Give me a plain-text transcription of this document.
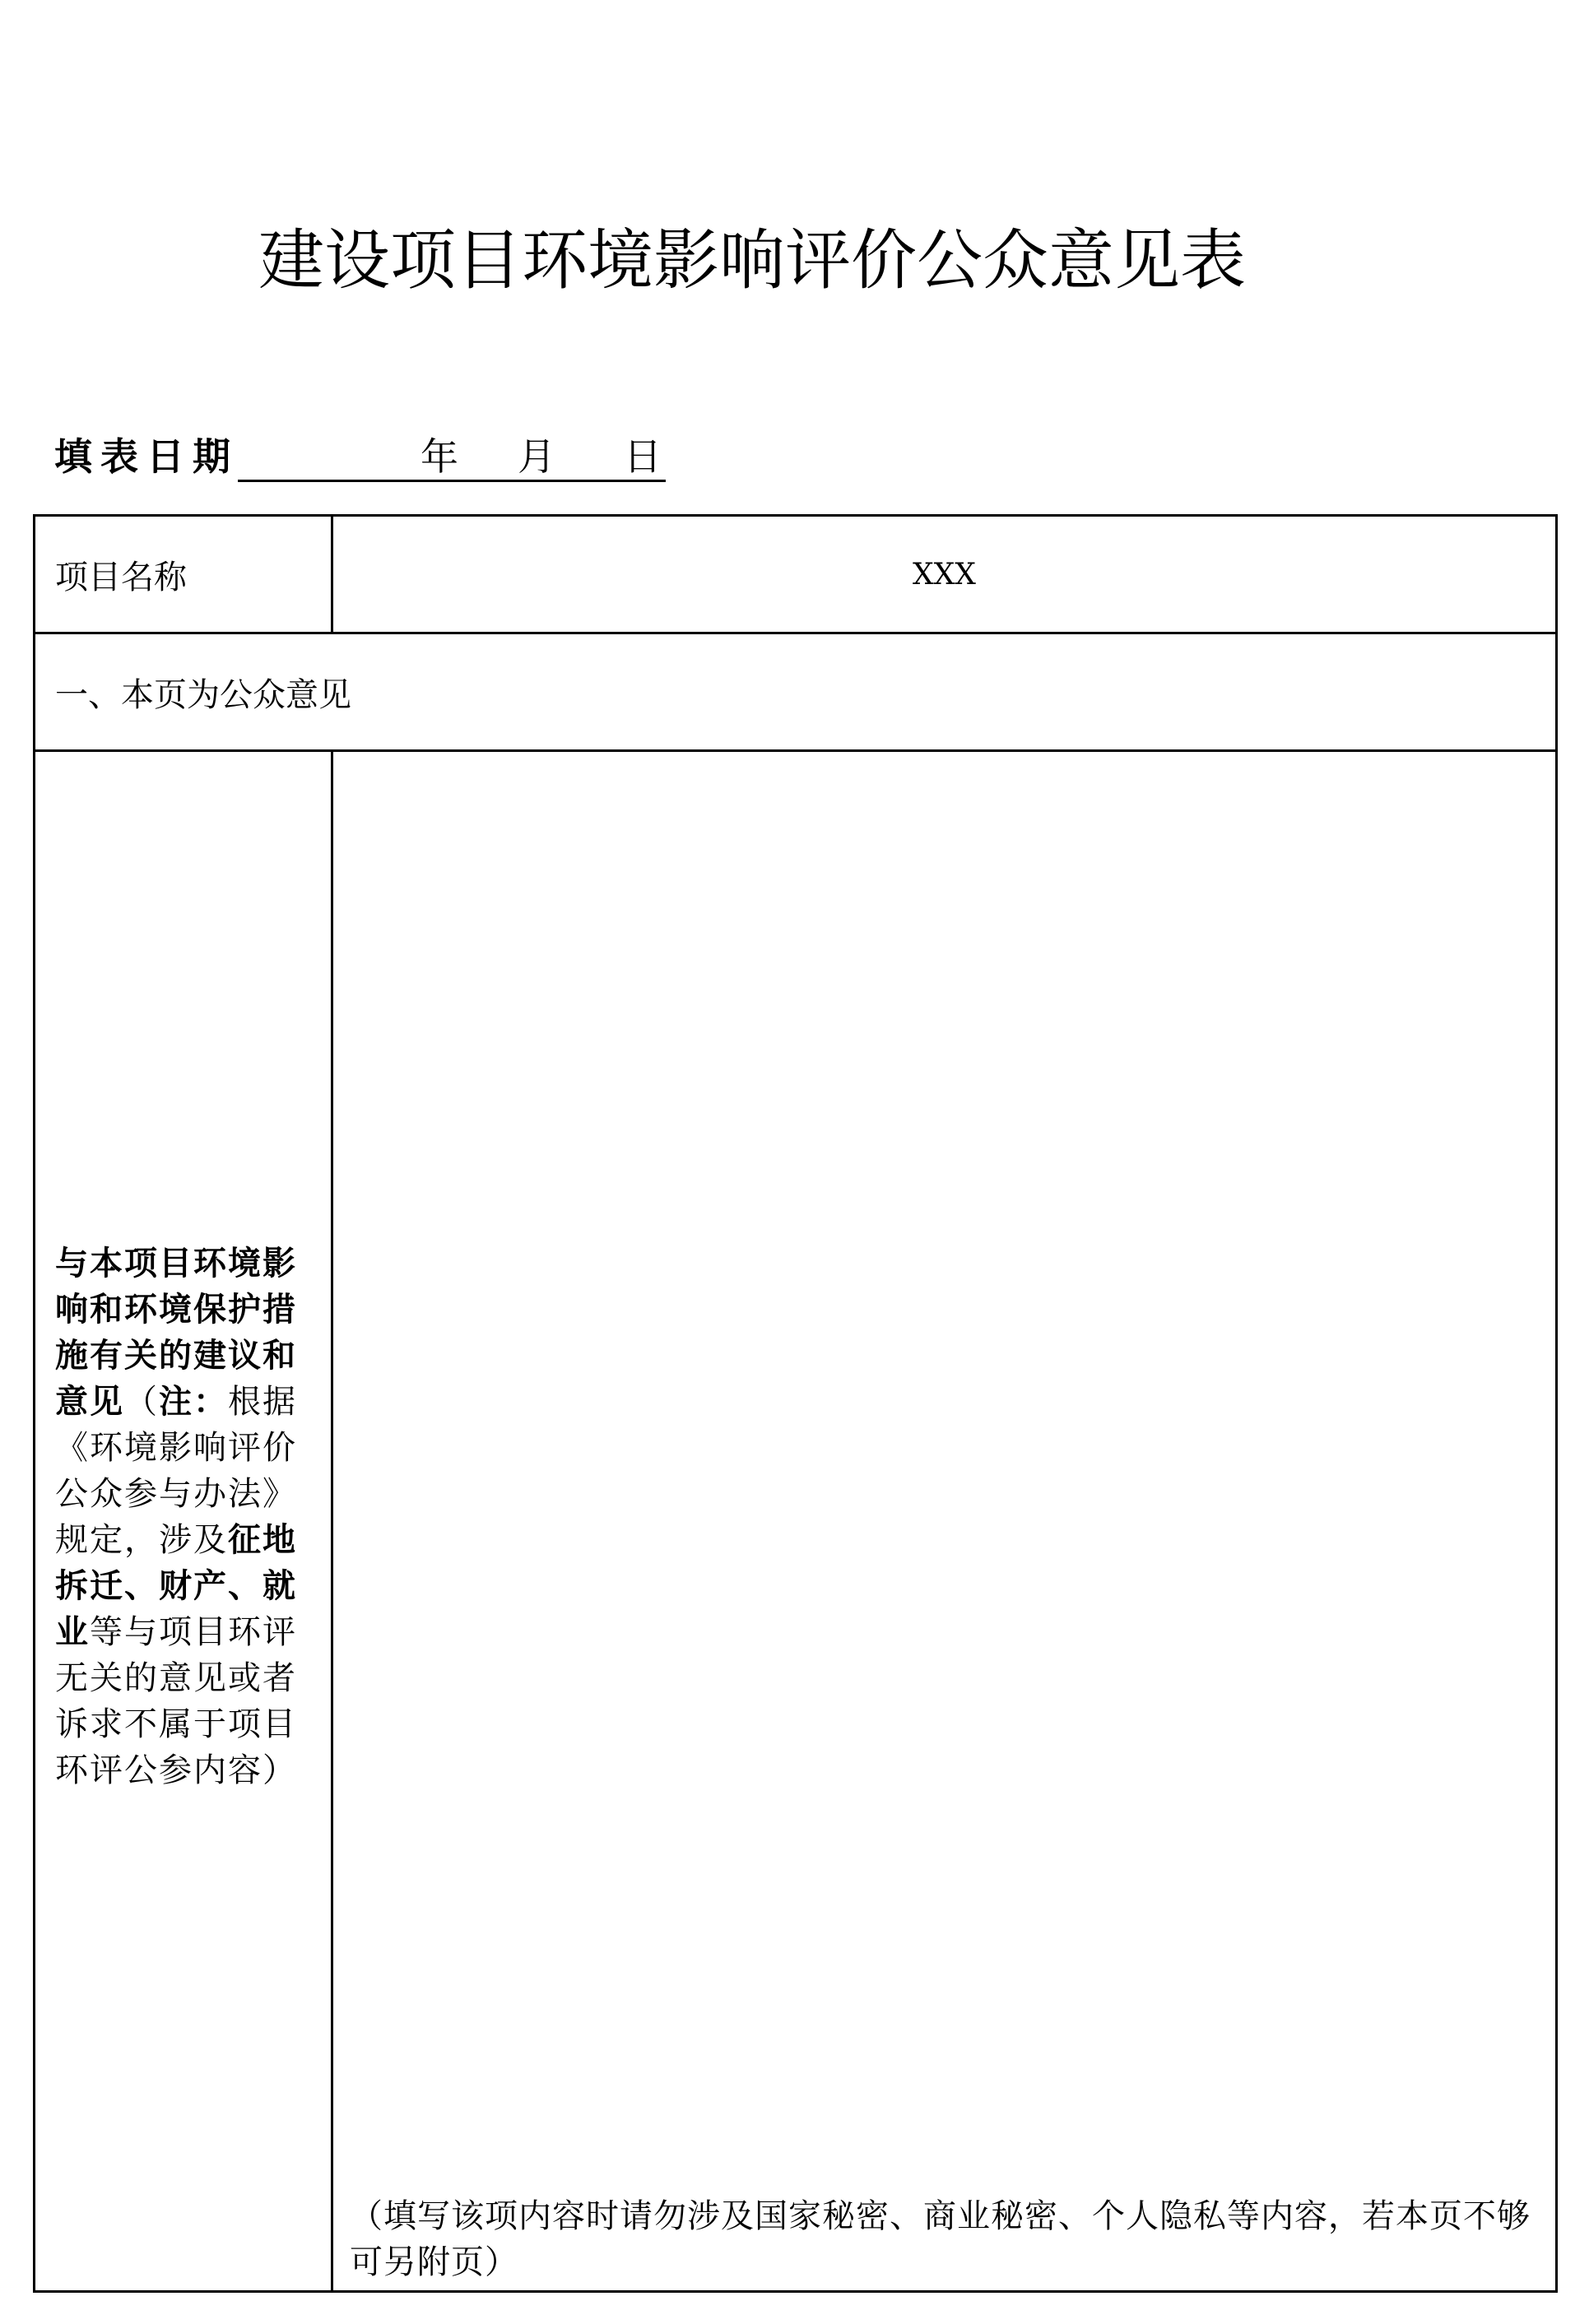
建设项目环境影响评价公众意见表
填表日期	年 月 日
项目名称	XXX
一、本页为公众意见	

与本项目环境影响和环境保护措施有关的建议和意见（注：根据《环境影响评价公众参与办法》规定，涉及征地拆迁、财产、就业等与项目环评无关的意见或者诉求不属于项目环评公参内容）	（填写该项内容时请勿涉及国家秘密、商业秘密、个人隐私等内容，若本页不够可另附页）
